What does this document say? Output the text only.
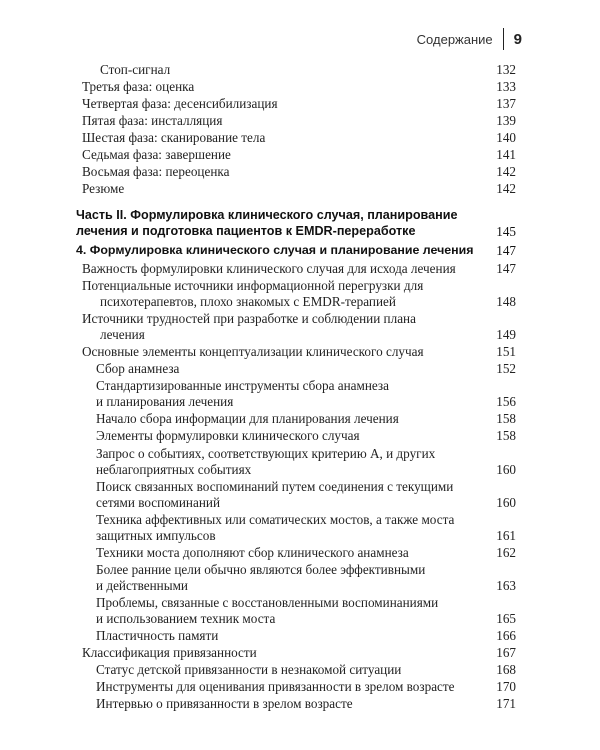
Содержание 9
Стоп-сигнал	132
Третья фаза: оценка	133
Четвертая фаза: десенсибилизация	137
Пятая фаза: инсталляция	139
Шестая фаза: сканирование тела	140
Седьмая фаза: завершение	141
Восьмая фаза: переоценка	142
Резюме	142
Часть II. Формулировка клинического случая, планирование
лечения и подготовка пациентов к EMDR-переработке	145
4. Формулировка клинического случая и планирование лечения	147
Важность формулировки клинического случая для исхода лечения	147
Потенциальные источники информационной перегрузки для
психотерапевтов, плохо знакомых с EMDR-терапией	148
Источники трудностей при разработке и соблюдении плана
лечения	149
Основные элементы концептуализации клинического случая	151
Сбор анамнеза	152
Стандартизированные инструменты сбора анамнеза
и планирования лечения	156
Начало сбора информации для планирования лечения	158
Элементы формулировки клинического случая	158
Запрос о событиях, соответствующих критерию А, и других
неблагоприятных событиях	160
Поиск связанных воспоминаний путем соединения с текущими
сетями воспоминаний	160
Техника аффективных или соматических мостов, а также моста
защитных импульсов	161
Техники моста дополняют сбор клинического анамнеза	162
Более ранние цели обычно являются более эффективными
и действенными	163
Проблемы, связанные с восстановленными воспоминаниями
и использованием техник моста	165
Пластичность памяти	166
Классификация привязанности	167
Статус детской привязанности в незнакомой ситуации	168
Инструменты для оценивания привязанности в зрелом возрасте	170
Интервью о привязанности в зрелом возрасте	171
